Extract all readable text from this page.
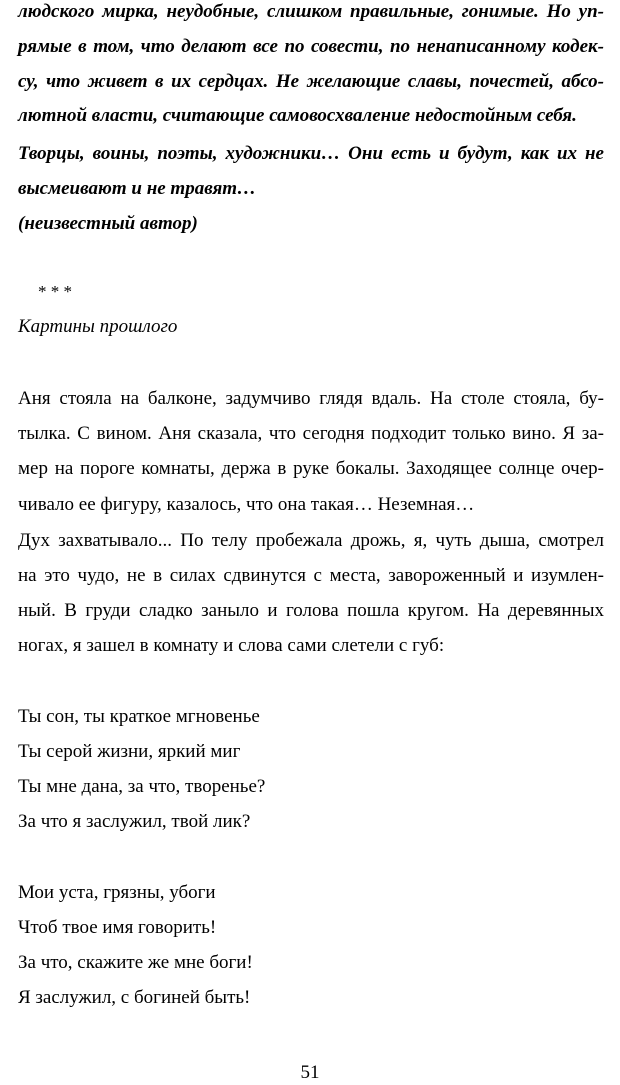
людского мирка, неудобные, слишком правильные, гонимые. Но уп-
рямые в том, что делают все по совести, по ненаписанному кодек-
су, что живет в их сердцах. Не желающие славы, почестей, абсо-
лютной власти, считающие самовосхваление недостойным себя.
Творцы, воины, поэты, художники… Они есть и будут, как их не
высмеивают и не травят…
(неизвестный автор)
* * *
Картины прошлого
Аня стояла на балконе, задумчиво глядя вдаль. На столе стояла, бу-
тылка. С вином. Аня сказала, что сегодня подходит только вино. Я за-
мер на пороге комнаты, держа в руке бокалы. Заходящее солнце очер-
чивало ее фигуру, казалось, что она такая… Неземная…
Дух захватывало... По телу пробежала дрожь, я, чуть дыша, смотрел
на это чудо, не в силах сдвинутся с места, завороженный и изумлен-
ный. В груди сладко заныло и голова пошла кругом. На деревянных
ногах, я зашел в комнату и слова сами слетели с губ:
Ты сон, ты краткое мгновенье
Ты серой жизни, яркий миг
Ты мне дана, за что, творенье?
За что я заслужил, твой лик?
Мои уста, грязны, убоги
Чтоб твое имя говорить!
За что, скажите же мне боги!
Я заслужил, с богиней быть!
51
